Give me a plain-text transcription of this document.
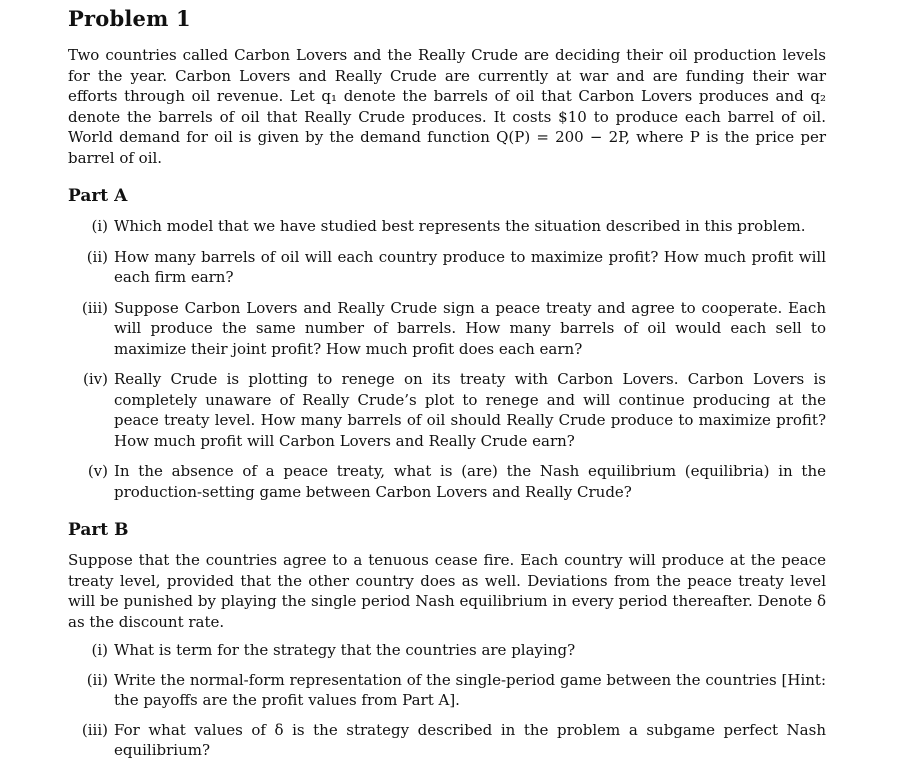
Problem 1

Two countries called Carbon Lovers and the Really Crude are deciding their oil production levels for the year. Carbon Lovers and Really Crude are currently at war and are funding their war efforts through oil revenue. Let q₁ denote the barrels of oil that Carbon Lovers produces and q₂ denote the barrels of oil that Really Crude produces. It costs $10 to produce each barrel of oil. World demand for oil is given by the demand function Q(P) = 200 − 2P, where P is the price per barrel of oil.

Part A
(i) Which model that we have studied best represents the situation described in this problem.
(ii) How many barrels of oil will each country produce to maximize profit? How much profit will each firm earn?
(iii) Suppose Carbon Lovers and Really Crude sign a peace treaty and agree to cooperate. Each will produce the same number of barrels. How many barrels of oil would each sell to maximize their joint profit? How much profit does each earn?
(iv) Really Crude is plotting to renege on its treaty with Carbon Lovers. Carbon Lovers is completely unaware of Really Crude’s plot to renege and will continue producing at the peace treaty level. How many barrels of oil should Really Crude produce to maximize profit? How much profit will Carbon Lovers and Really Crude earn?
(v) In the absence of a peace treaty, what is (are) the Nash equilibrium (equilibria) in the production-setting game between Carbon Lovers and Really Crude?
Part B

Suppose that the countries agree to a tenuous cease fire. Each country will produce at the peace treaty level, provided that the other country does as well. Deviations from the peace treaty level will be punished by playing the single period Nash equilibrium in every period thereafter. Denote δ as the discount rate.

(i) What is term for the strategy that the countries are playing?
(ii) Write the normal-form representation of the single-period game between the countries [Hint: the payoffs are the profit values from Part A].
(iii) For what values of δ is the strategy described in the problem a subgame perfect Nash equilibrium?
